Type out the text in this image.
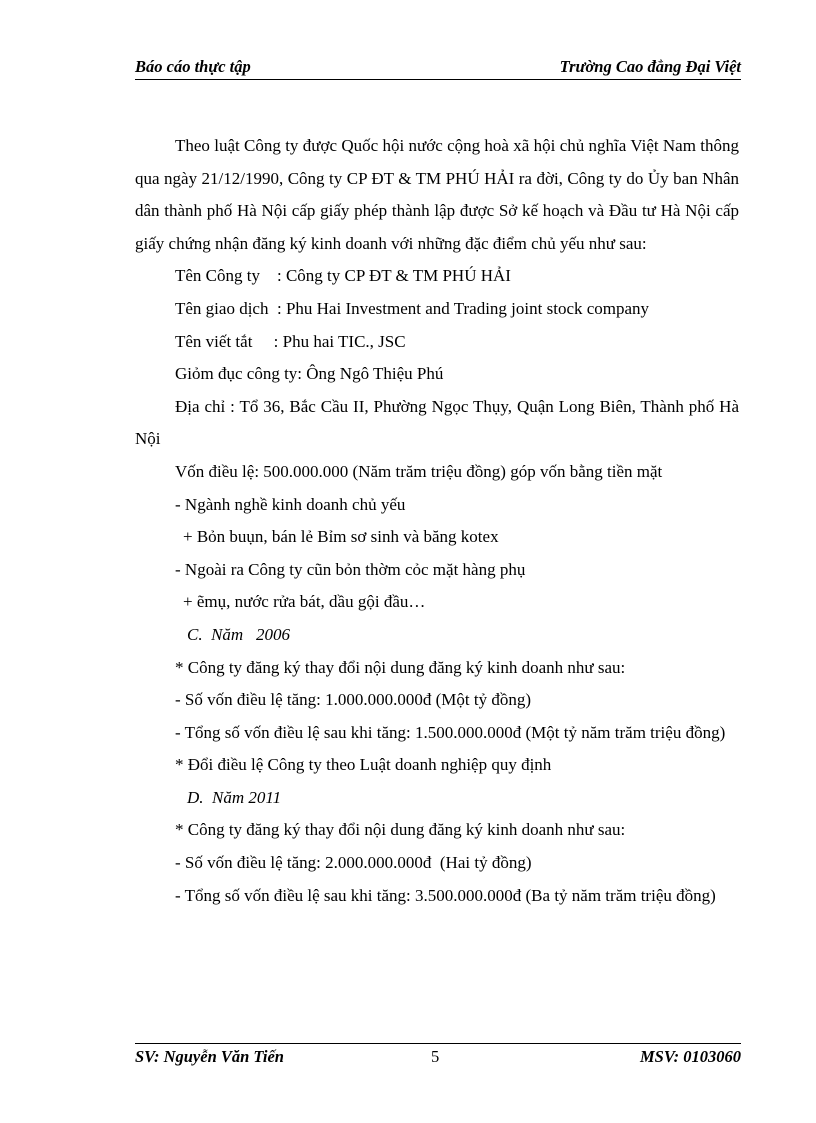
Báo cáo thực tập	Trường Cao đẳng Đại Việt

Theo luật Công ty được Quốc hội nước cộng hoà xã hội chủ nghĩa Việt Nam thông qua ngày 21/12/1990, Công ty CP ĐT & TM PHÚ HẢI ra đời, Công ty do Ủy ban Nhân dân thành phố Hà Nội cấp giấy phép thành lập được Sở kế hoạch và Đầu tư Hà Nội cấp giấy chứng nhận đăng ký kinh doanh với những đặc điểm chủ yếu như sau:

Tên Công ty    : Công ty CP ĐT & TM PHÚ HẢI

Tên giao dịch  : Phu Hai Investment and Trading joint stock company

Tên viết tắt     : Phu hai TIC., JSC

Giỏm đục công ty: Ông Ngô Thiệu Phú

Địa chỉ : Tổ 36, Bắc Cầu II, Phường Ngọc Thụy, Quận Long Biên, Thành phố Hà Nội

Vốn điều lệ: 500.000.000 (Năm trăm triệu đồng) góp vốn bằng tiền mặt

- Ngành nghề kinh doanh chủ yếu

+ Bỏn buụn, bán lẻ Bỉm sơ sinh và băng kotex

- Ngoài ra Công ty cũn bỏn thờm cỏc mặt hàng phụ

+ ẽmụ, nước rửa bát, dầu gội đầu…

C.  Năm   2006

* Công ty đăng ký thay đổi nội dung đăng ký kinh doanh như sau:

- Số vốn điều lệ tăng: 1.000.000.000đ (Một tỷ đồng)

- Tổng số vốn điều lệ sau khi tăng: 1.500.000.000đ (Một tỷ năm trăm triệu đồng)

* Đổi điều lệ Công ty theo Luật doanh nghiệp quy định

D.  Năm 2011

* Công ty đăng ký thay đổi nội dung đăng ký kinh doanh như sau:

- Số vốn điều lệ tăng: 2.000.000.000đ  (Hai tỷ đồng)

- Tổng số vốn điều lệ sau khi tăng: 3.500.000.000đ (Ba tỷ năm trăm triệu đồng)

SV: Nguyễn Văn Tiến	5	MSV: 0103060
